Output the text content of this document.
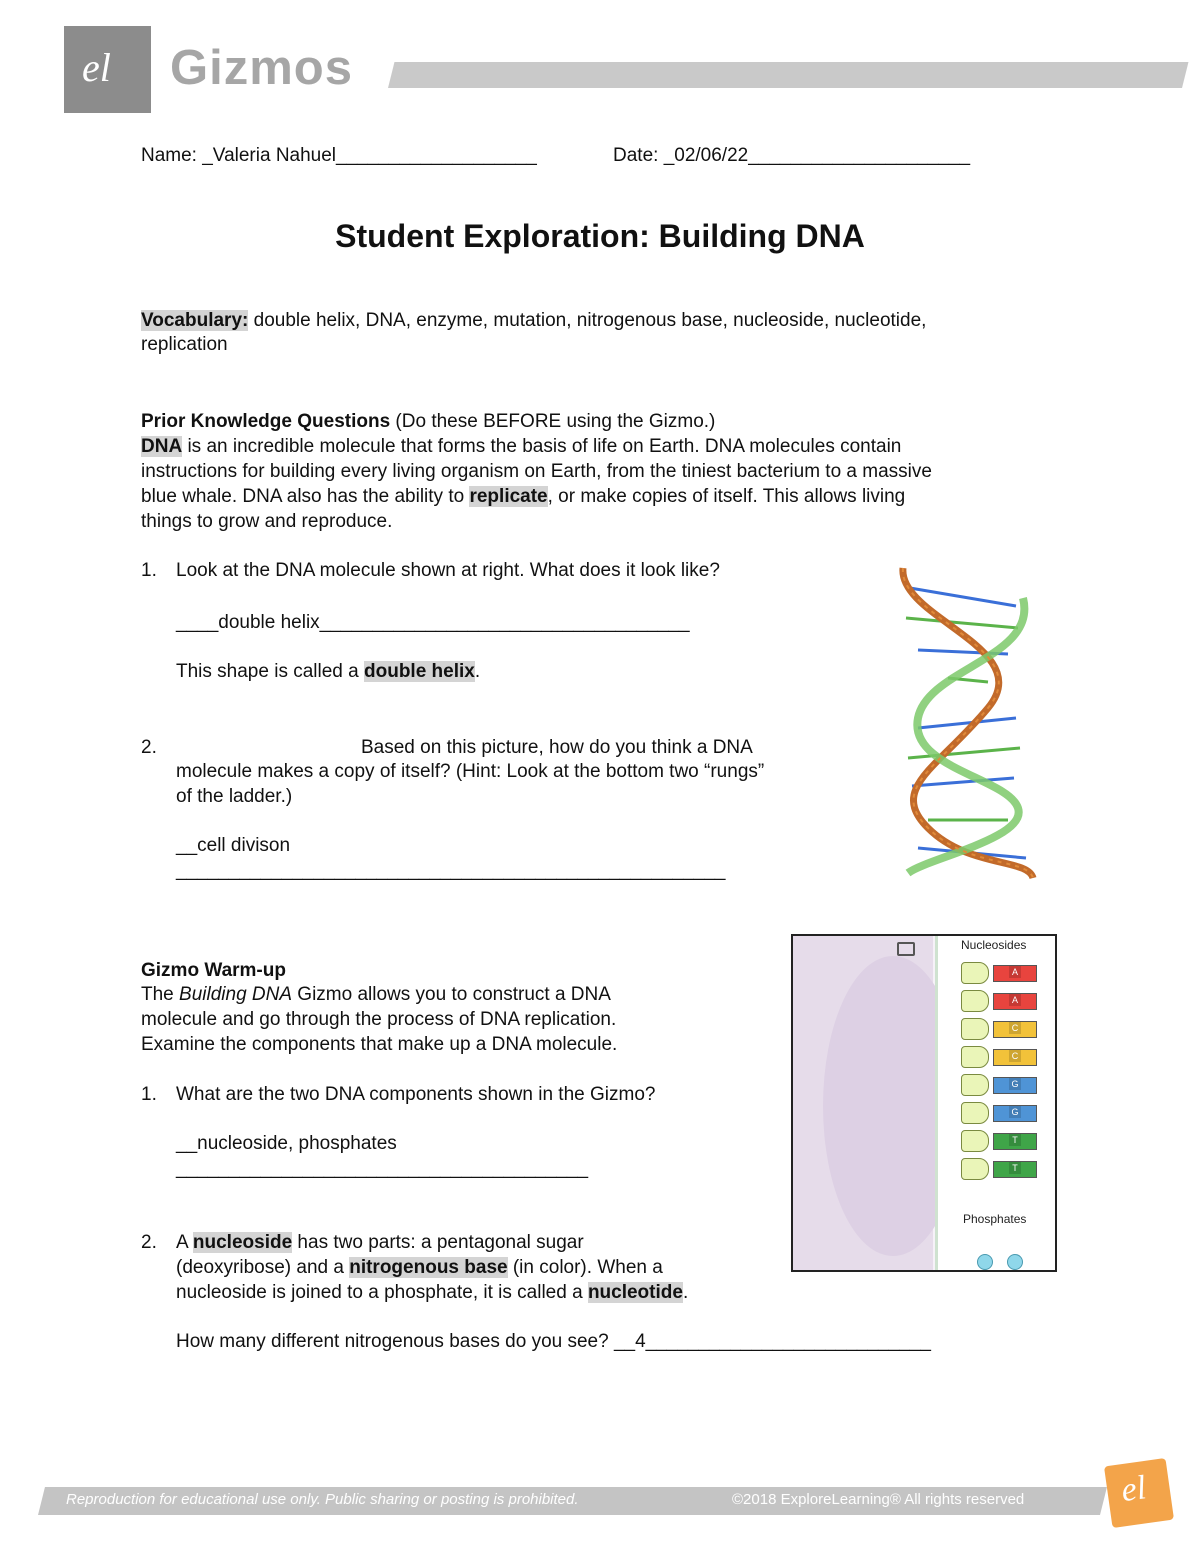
el Gizmos
Name: _Valeria Nahuel___________________	Date: _02/06/22_____________________
Student Exploration: Building DNA
Vocabulary: double helix, DNA, enzyme, mutation, nitrogenous base, nucleoside, nucleotide,
replication
Prior Knowledge Questions (Do these BEFORE using the Gizmo.)
DNA is an incredible molecule that forms the basis of life on Earth. DNA molecules contain
instructions for building every living organism on Earth, from the tiniest bacterium to a massive
blue whale. DNA also has the ability to replicate, or make copies of itself. This allows living
things to grow and reproduce.
1. Look at the DNA molecule shown at right. What does it look like?
____double helix___________________________________
This shape is called a double helix.
2.	Based on this picture, how do you think a DNA
molecule makes a copy of itself? (Hint: Look at the bottom two “rungs”
of the ladder.)
__cell divison
____________________________________________________
Gizmo Warm-up
The Building DNA Gizmo allows you to construct a DNA
molecule and go through the process of DNA replication.
Examine the components that make up a DNA molecule.
1. What are the two DNA components shown in the Gizmo?
__nucleoside, phosphates
_______________________________________
2. A nucleoside has two parts: a pentagonal sugar
(deoxyribose) and a nitrogenous base (in color). When a
nucleoside is joined to a phosphate, it is called a nucleotide.
How many different nitrogenous bases do you see? __4___________________________
Nucleosides
Phosphates
A
A
C
C
G
G
T
T
Reproduction for educational use only. Public sharing or posting is prohibited.	©2018 ExploreLearning® All rights reserved	el
